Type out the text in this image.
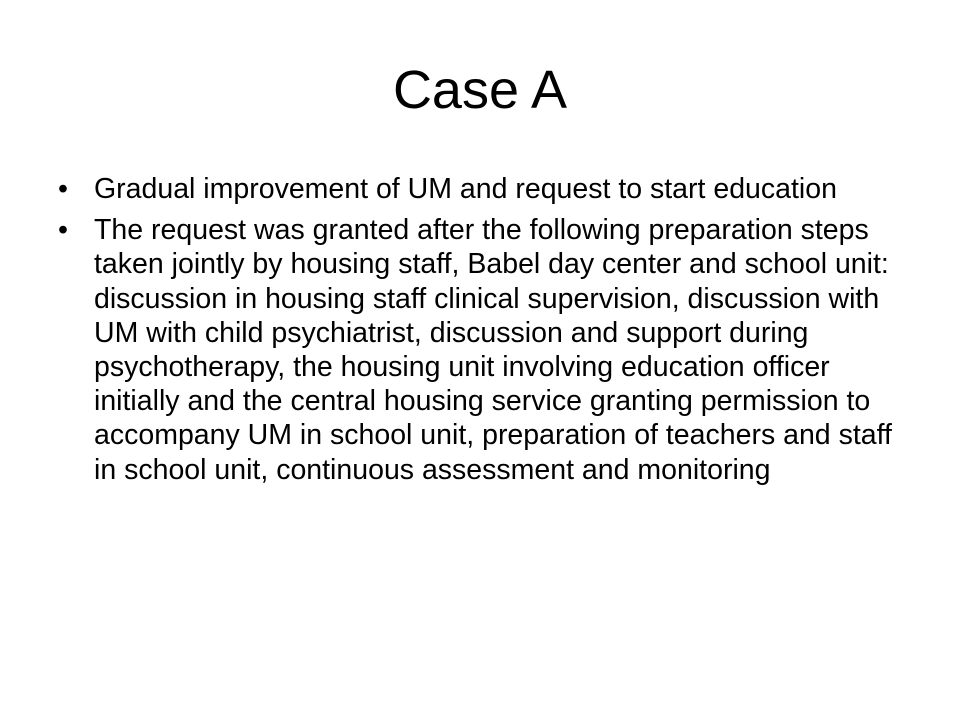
Case A
• Gradual improvement of UM and request to start education
• The request was granted after the following preparation steps taken jointly by housing staff, Babel day center and school unit: discussion in housing staff clinical supervision, discussion with UM with child psychiatrist, discussion and support during psychotherapy, the housing unit involving education officer initially and the central housing service granting permission to accompany UM in school unit, preparation of teachers and staff in school unit, continuous assessment and monitoring
